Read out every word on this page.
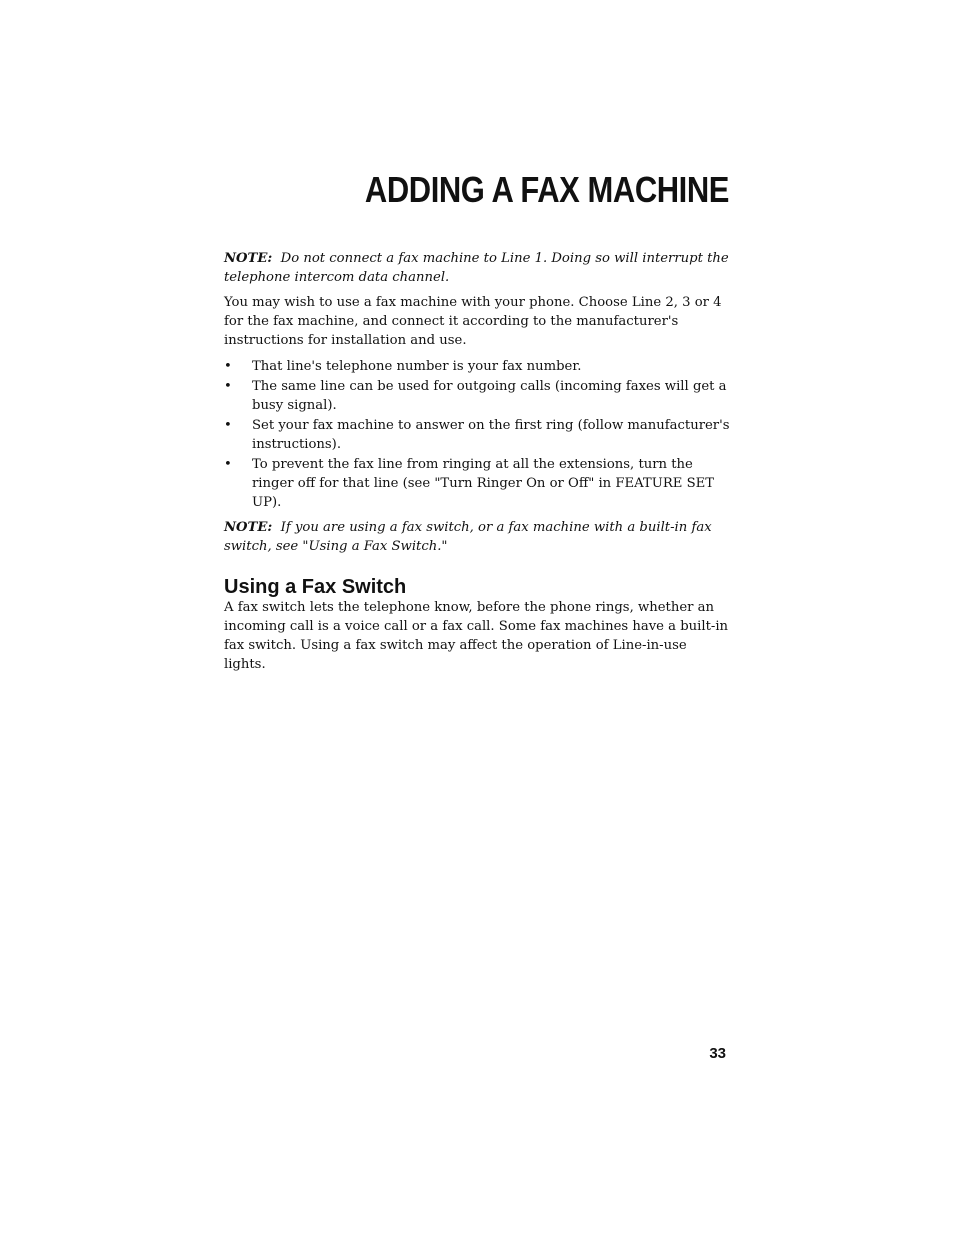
ADDING A FAX MACHINE

NOTE: Do not connect a fax machine to Line 1. Doing so will interrupt the telephone intercom data channel.

You may wish to use a fax machine with your phone. Choose Line 2, 3 or 4 for the fax machine, and connect it according to the manufacturer's instructions for installation and use.

• That line's telephone number is your fax number.
• The same line can be used for outgoing calls (incoming faxes will get a busy signal).
• Set your fax machine to answer on the first ring (follow manufacturer's instructions).
• To prevent the fax line from ringing at all the extensions, turn the ringer off for that line (see "Turn Ringer On or Off" in FEATURE SET UP).

NOTE: If you are using a fax switch, or a fax machine with a built-in fax switch, see "Using a Fax Switch."

Using a Fax Switch

A fax switch lets the telephone know, before the phone rings, whether an incoming call is a voice call or a fax call. Some fax machines have a built-in fax switch. Using a fax switch may affect the operation of Line-in-use lights.

33
